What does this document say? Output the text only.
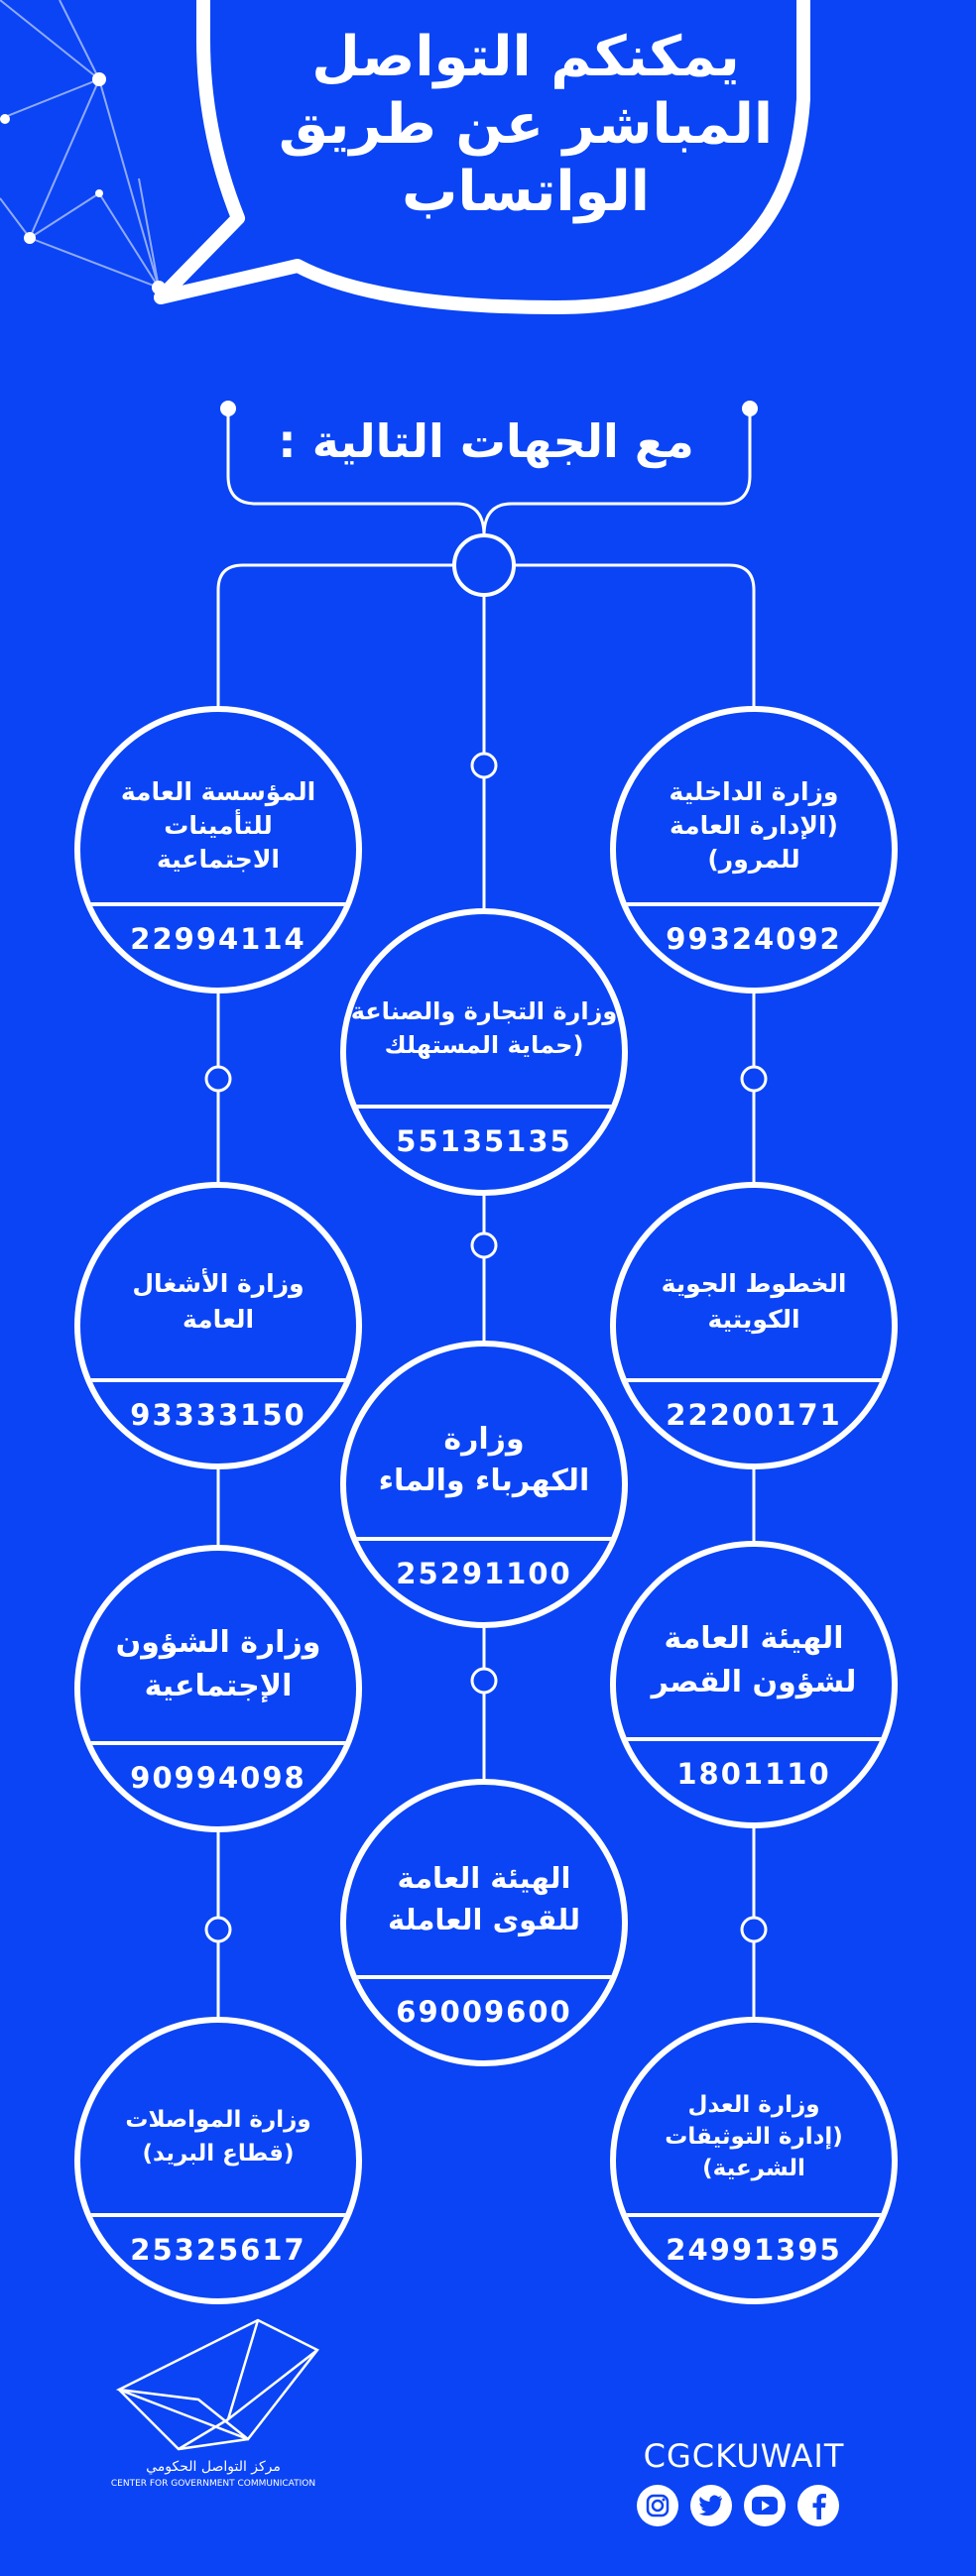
يمكنكم التواصل
المباشر عن طريق
الواتساب
مع الجهات التالية :
وزارة الداخلية
(الإدارة العامة
للمرور)
99324092
المؤسسة العامة
للتأمينات
الاجتماعية
22994114
وزارة التجارة والصناعة
(حماية المستهلك
55135135
الخطوط الجوية
الكويتية
22200171
وزارة الأشغال
العامة
93333150
وزارة
الكهرباء والماء
25291100
الهيئة العامة
لشؤون القصر
1801110
وزارة الشؤون
الإجتماعية
90994098
الهيئة العامة
للقوى العاملة
69009600
وزارة العدل
(إدارة التوثيقات
الشرعية)
24991395
وزارة المواصلات
(قطاع البريد)
25325617
مركز التواصل الحكومي
CENTER FOR GOVERNMENT COMMUNICATION
CGCKUWAIT
